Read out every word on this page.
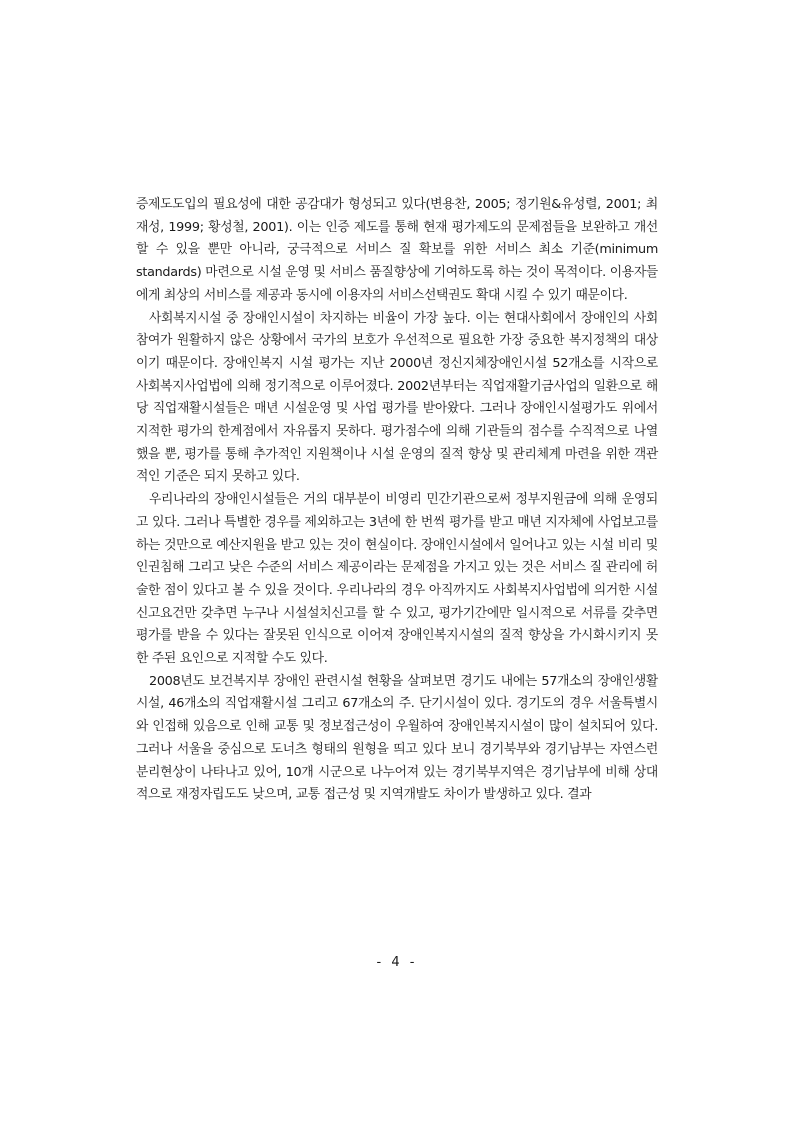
증제도도입의 필요성에 대한 공감대가 형성되고 있다(변용찬, 2005; 정기원&유성렬, 2001; 최재성, 1999; 황성철, 2001). 이는 인증 제도를 통해 현재 평가제도의 문제점들을 보완하고 개선할 수 있을 뿐만 아니라, 궁극적으로 서비스 질 확보를 위한 서비스 최소 기준(minimum standards) 마련으로 시설 운영 및 서비스 품질향상에 기여하도록 하는 것이 목적이다. 이용자들에게 최상의 서비스를 제공과 동시에 이용자의 서비스선택권도 확대 시킬 수 있기 때문이다.

사회복지시설 중 장애인시설이 차지하는 비율이 가장 높다. 이는 현대사회에서 장애인의 사회참여가 원활하지 않은 상황에서 국가의 보호가 우선적으로 필요한 가장 중요한 복지정책의 대상이기 때문이다. 장애인복지 시설 평가는 지난 2000년 정신지체장애인시설 52개소를 시작으로 사회복지사업법에 의해 정기적으로 이루어졌다. 2002년부터는 직업재활기금사업의 일환으로 해당 직업재활시설들은 매년 시설운영 및 사업 평가를 받아왔다. 그러나 장애인시설평가도 위에서 지적한 평가의 한계점에서 자유롭지 못하다. 평가점수에 의해 기관들의 점수를 수직적으로 나열했을 뿐, 평가를 통해 추가적인 지원책이나 시설 운영의 질적 향상 및 관리체계 마련을 위한 객관적인 기준은 되지 못하고 있다.

우리나라의 장애인시설들은 거의 대부분이 비영리 민간기관으로써 정부지원금에 의해 운영되고 있다. 그러나 특별한 경우를 제외하고는 3년에 한 번씩 평가를 받고 매년 지자체에 사업보고를 하는 것만으로 예산지원을 받고 있는 것이 현실이다. 장애인시설에서 일어나고 있는 시설 비리 및 인권침해 그리고 낮은 수준의 서비스 제공이라는 문제점을 가지고 있는 것은 서비스 질 관리에 허술한 점이 있다고 볼 수 있을 것이다. 우리나라의 경우 아직까지도 사회복지사업법에 의거한 시설신고요건만 갖추면 누구나 시설설치신고를 할 수 있고, 평가기간에만 일시적으로 서류를 갖추면 평가를 받을 수 있다는 잘못된 인식으로 이어져 장애인복지시설의 질적 향상을 가시화시키지 못한 주된 요인으로 지적할 수도 있다.

2008년도 보건복지부 장애인 관련시설 현황을 살펴보면 경기도 내에는 57개소의 장애인생활시설, 46개소의 직업재활시설 그리고 67개소의 주. 단기시설이 있다. 경기도의 경우 서울특별시와 인접해 있음으로 인해 교통 및 정보접근성이 우월하여 장애인복지시설이 많이 설치되어 있다. 그러나 서울을 중심으로 도너츠 형태의 원형을 띄고 있다 보니 경기북부와 경기남부는 자연스런 분리현상이 나타나고 있어, 10개 시군으로 나누어져 있는 경기북부지역은 경기남부에 비해 상대적으로 재정자립도도 낮으며, 교통 접근성 및 지역개발도 차이가 발생하고 있다. 결과

- 4 -
